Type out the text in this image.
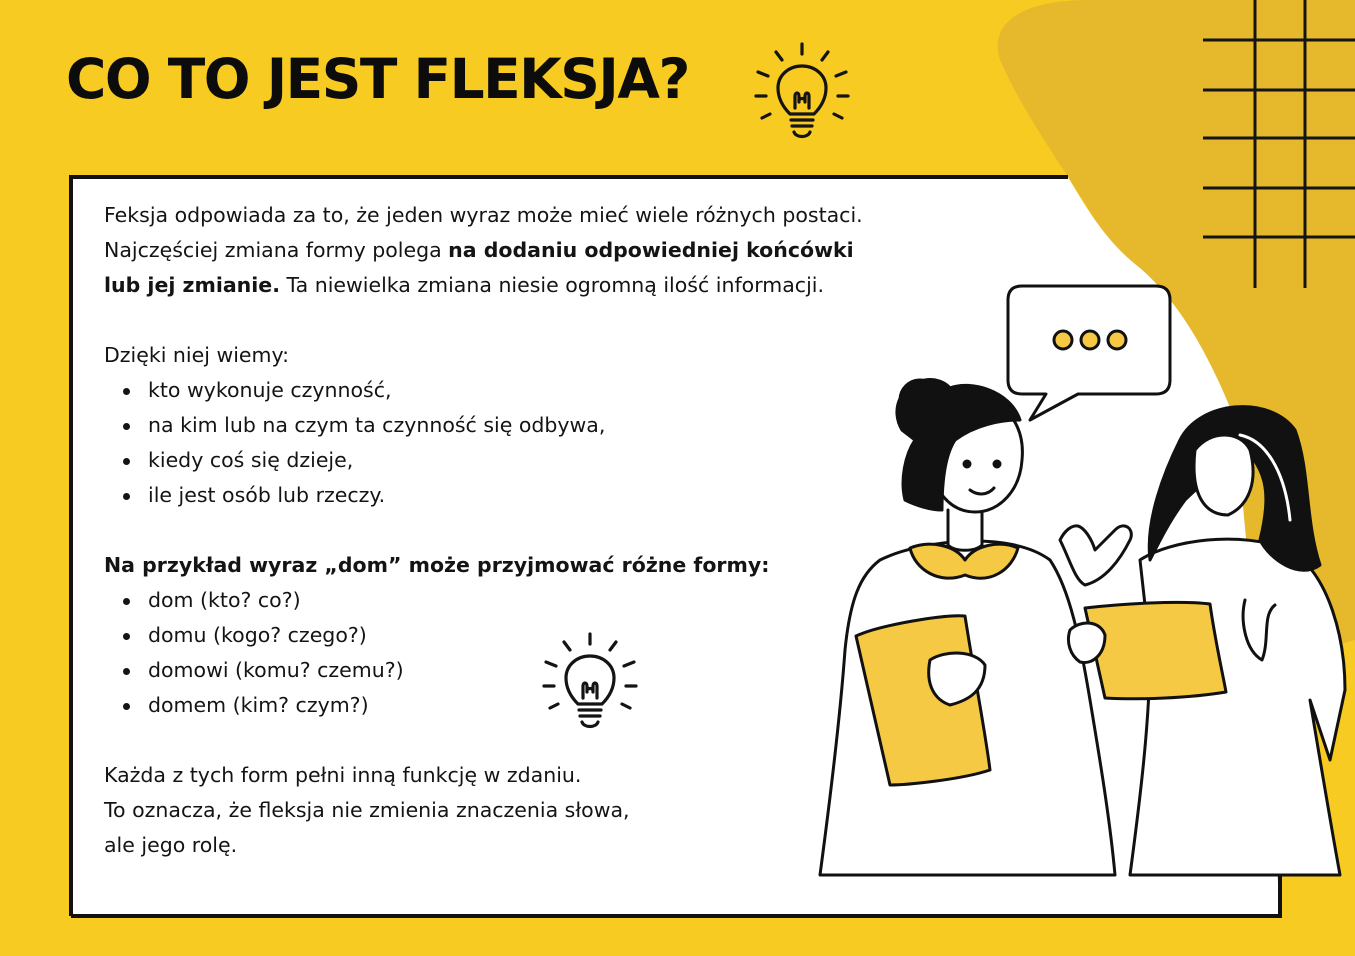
CO TO JEST FLEKSJA?

Feksja odpowiada za to, że jeden wyraz może mieć wiele różnych postaci.
Najczęściej zmiana formy polega na dodaniu odpowiedniej końcówki
lub jej zmianie. Ta niewielka zmiana niesie ogromną ilość informacji.

Dzięki niej wiemy:

kto wykonuje czynność,
na kim lub na czym ta czynność się odbywa,
kiedy coś się dzieje,
ile jest osób lub rzeczy.

Na przykład wyraz „dom” może przyjmować różne formy:

dom (kto? co?)
domu (kogo? czego?)
domowi (komu? czemu?)
domem (kim? czym?)

Każda z tych form pełni inną funkcję w zdaniu.
To oznacza, że fleksja nie zmienia znaczenia słowa,
ale jego rolę.
